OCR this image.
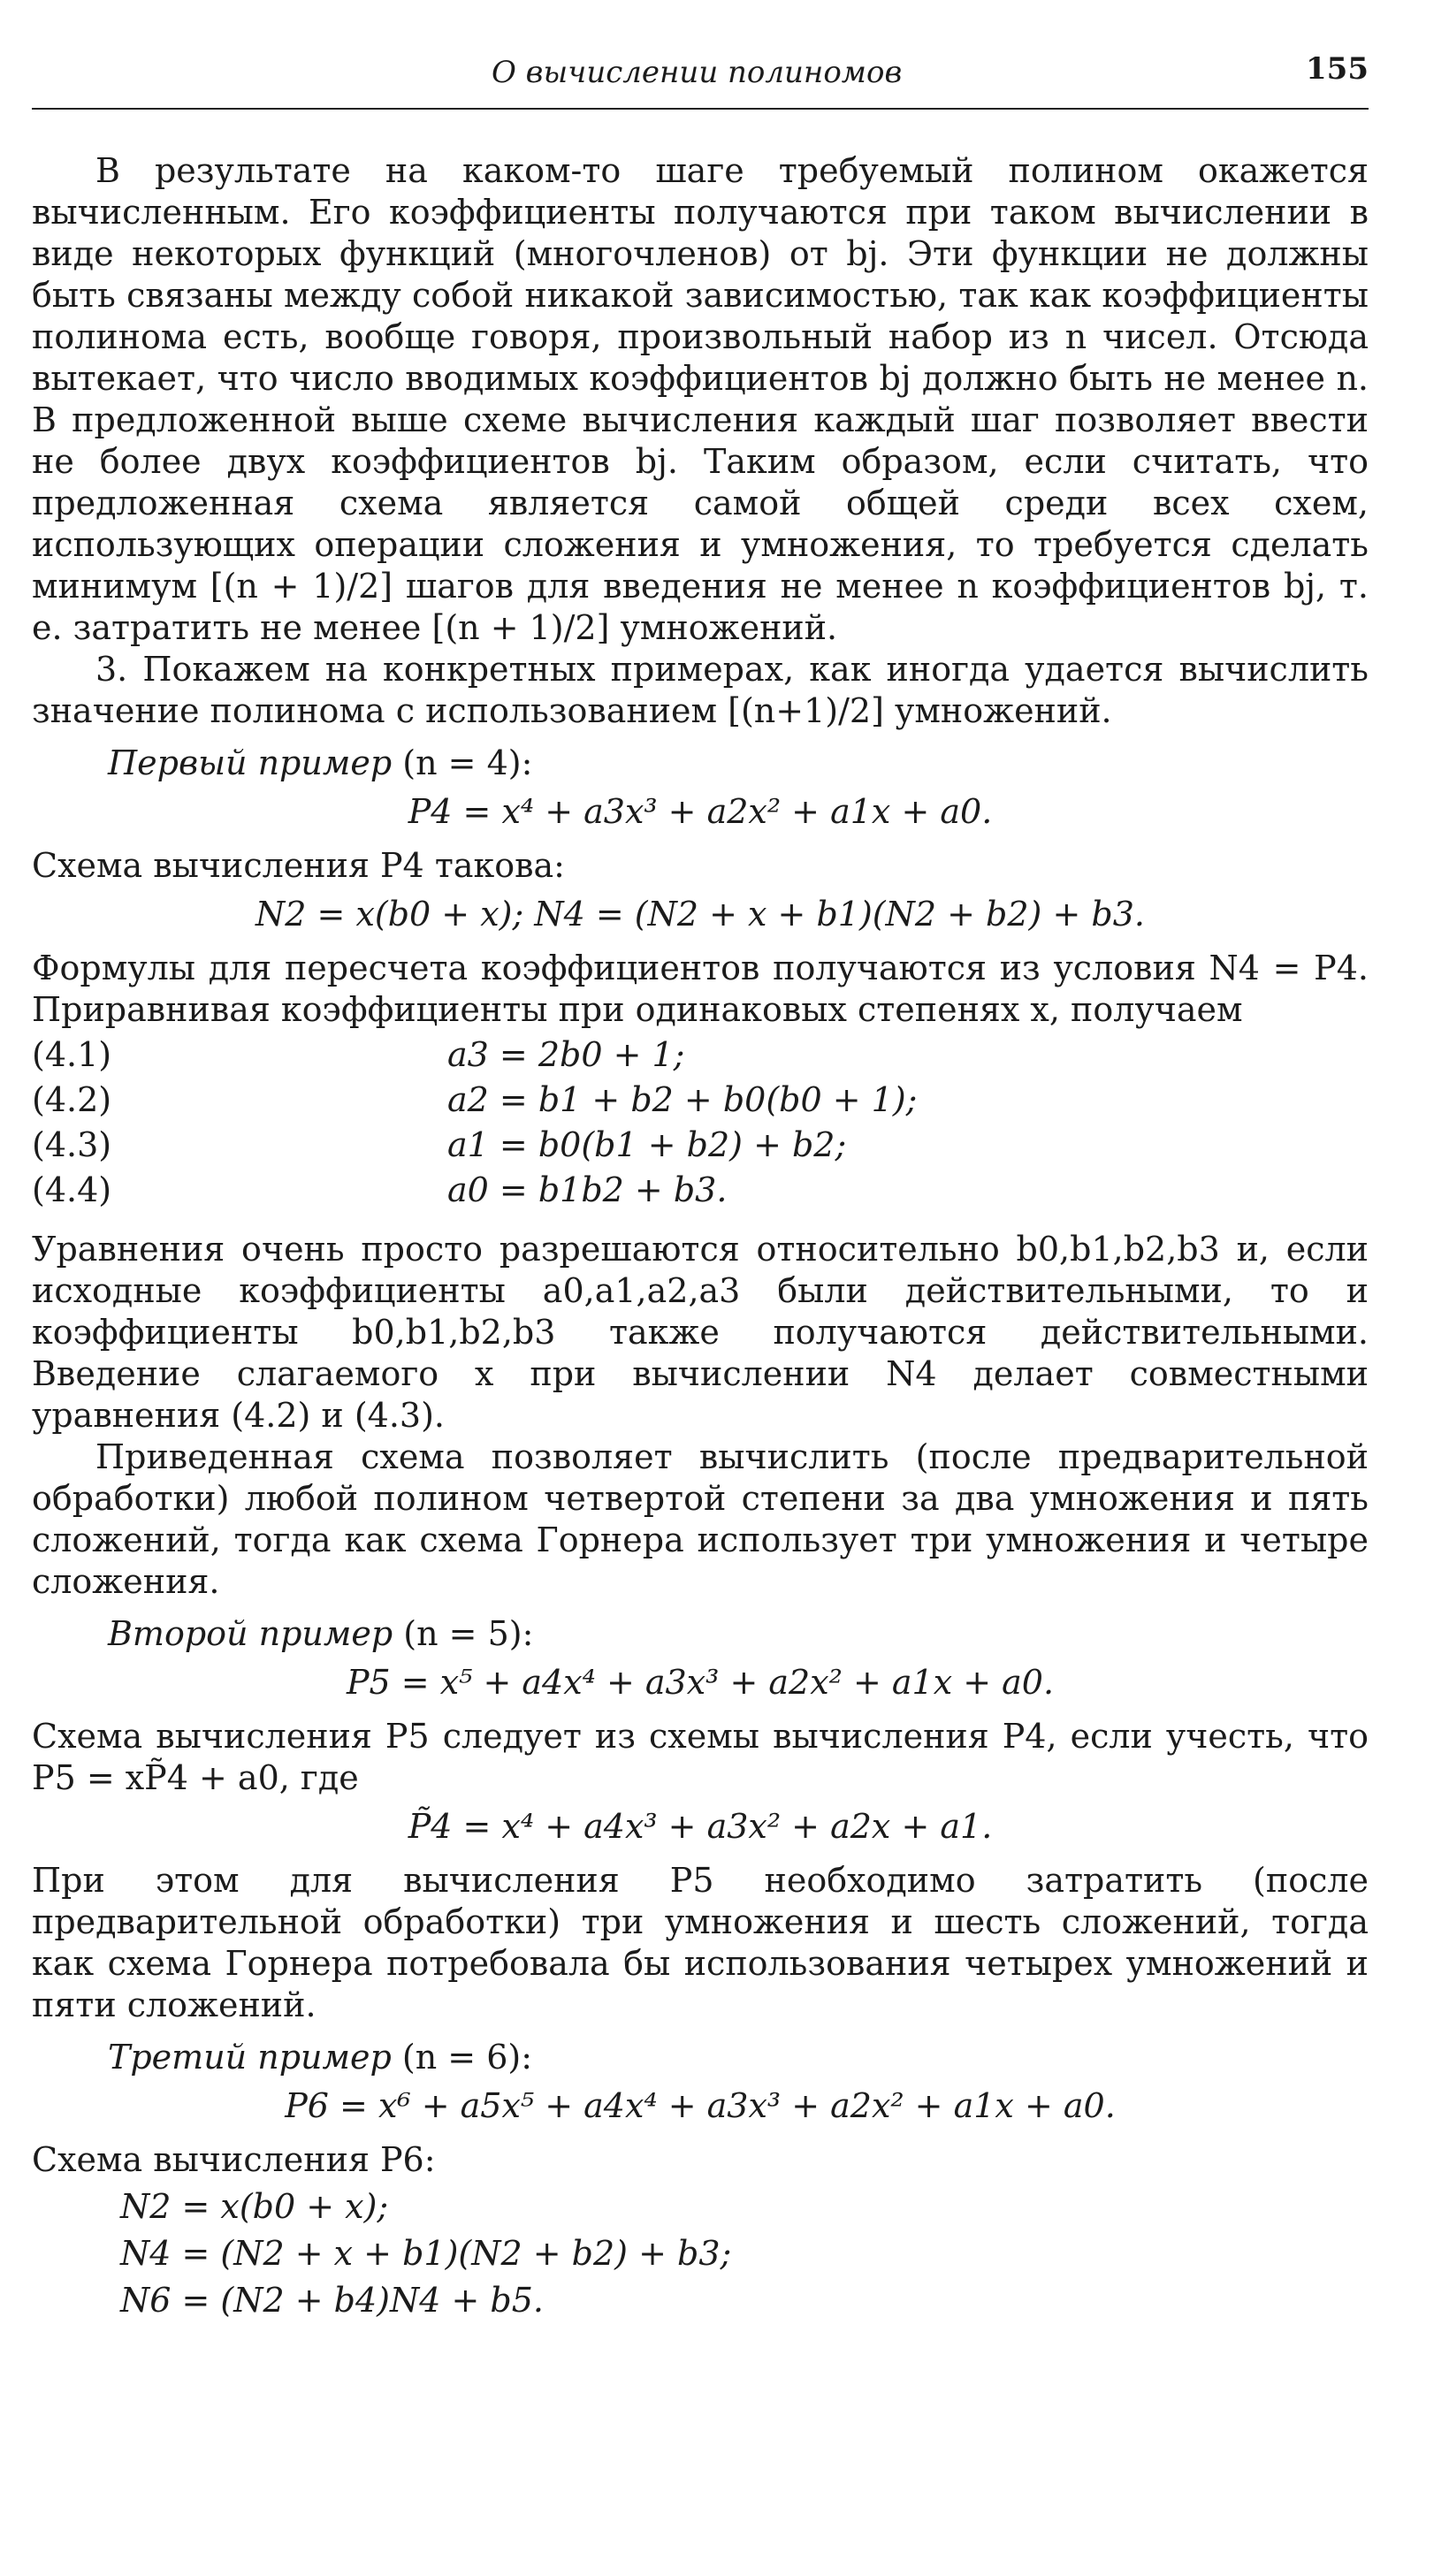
О вычислении полиномов	155

В результате на каком-то шаге требуемый полином окажется вычисленным. Его коэффициенты получаются при таком вычислении в виде некоторых функций (многочленов) от bj. Эти функции не должны быть связаны между собой никакой зависимостью, так как коэффициенты полинома есть, вообще говоря, произвольный набор из n чисел. Отсюда вытекает, что число вводимых коэффициентов bj должно быть не менее n. В предложенной выше схеме вычисления каждый шаг позволяет ввести не более двух коэффициентов bj. Таким образом, если считать, что предложенная схема является самой общей среди всех схем, использующих операции сложения и умножения, то требуется сделать минимум [(n + 1)/2] шагов для введения не менее n коэффициентов bj, т. е. затратить не менее [(n + 1)/2] умножений.

3. Покажем на конкретных примерах, как иногда удается вычислить значение полинома с использованием [(n+1)/2] умножений.

Первый пример (n = 4):
P4 = x⁴ + a3x³ + a2x² + a1x + a0.

Схема вычисления P4 такова:

N2 = x(b0 + x); N4 = (N2 + x + b1)(N2 + b2) + b3.

Формулы для пересчета коэффициентов получаются из условия N4 = P4. Приравнивая коэффициенты при одинаковых степенях x, получаем

(4.1)	a3 = 2b0 + 1;
(4.2)	a2 = b1 + b2 + b0(b0 + 1);
(4.3)	a1 = b0(b1 + b2) + b2;
(4.4)	a0 = b1b2 + b3.

Уравнения очень просто разрешаются относительно b0,b1,b2,b3 и, если исходные коэффициенты a0,a1,a2,a3 были действительными, то и коэффициенты b0,b1,b2,b3 также получаются действительными. Введение слагаемого x при вычислении N4 делает совместными уравнения (4.2) и (4.3).

Приведенная схема позволяет вычислить (после предварительной обработки) любой полином четвертой степени за два умножения и пять сложений, тогда как схема Горнера использует три умножения и четыре сложения.

Второй пример (n = 5):
P5 = x⁵ + a4x⁴ + a3x³ + a2x² + a1x + a0.

Схема вычисления P5 следует из схемы вычисления P4, если учесть, что P5 = xP̃4 + a0, где

P̃4 = x⁴ + a4x³ + a3x² + a2x + a1.

При этом для вычисления P5 необходимо затратить (после предварительной обработки) три умножения и шесть сложений, тогда как схема Горнера потребовала бы использования четырех умножений и пяти сложений.

Третий пример (n = 6):
P6 = x⁶ + a5x⁵ + a4x⁴ + a3x³ + a2x² + a1x + a0.

Схема вычисления P6:

N2 = x(b0 + x);
N4 = (N2 + x + b1)(N2 + b2) + b3;
N6 = (N2 + b4)N4 + b5.
